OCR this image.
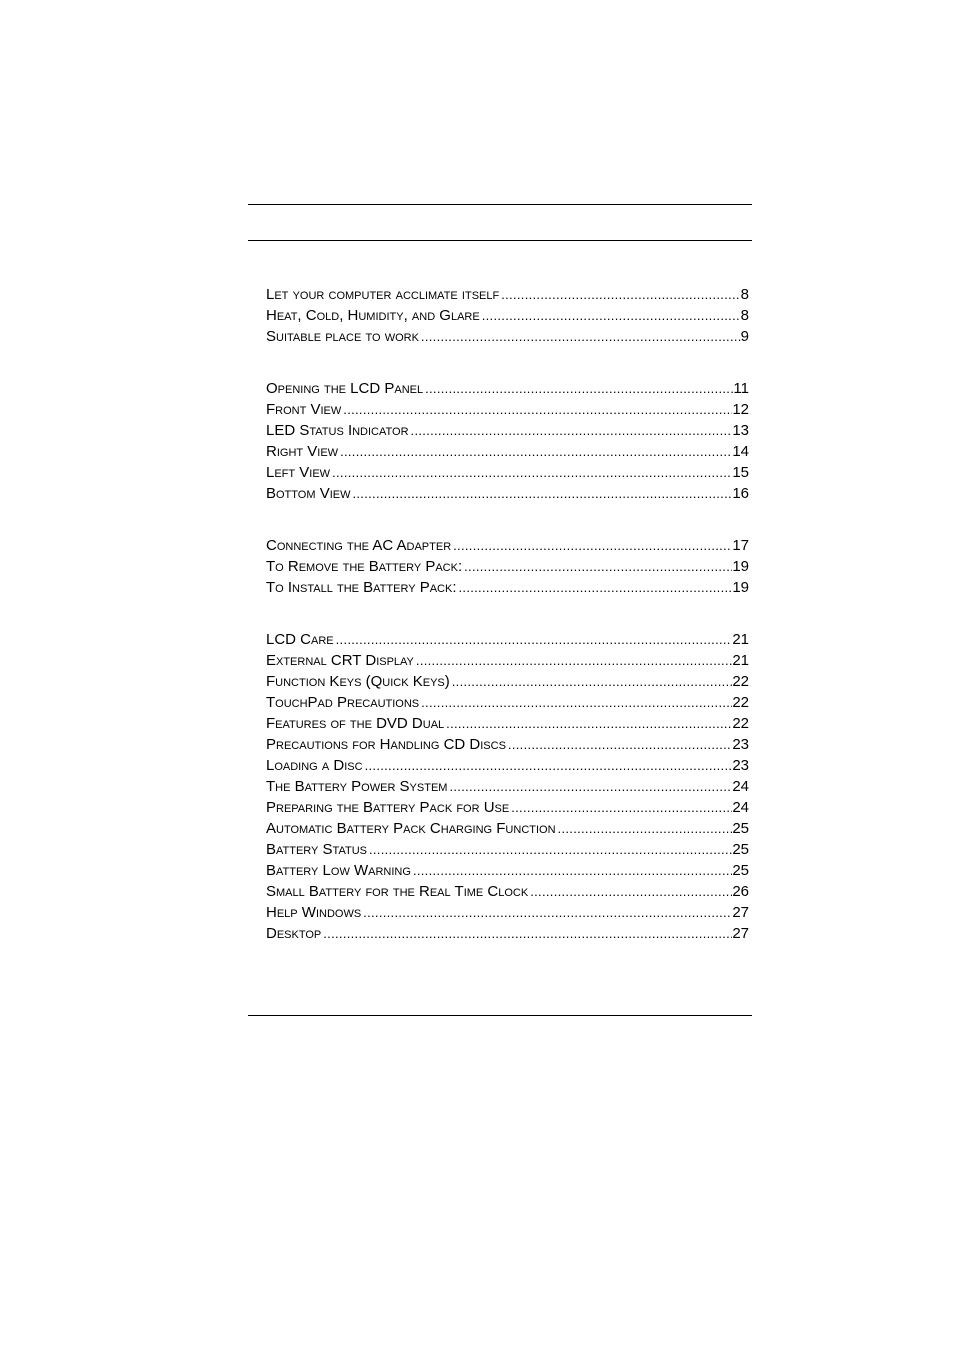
Let your computer acclimate itself .....	8
Heat, Cold, Humidity, and Glare .....	8
Suitable place to work .....	9
Opening the LCD Panel .....	11
Front View .....	12
LED Status Indicator .....	13
Right View .....	14
Left View .....	15
Bottom View .....	16
Connecting the AC Adapter .....	17
To Remove the Battery Pack: .....	19
To Install the Battery Pack: .....	19
LCD Care .....	21
External CRT Display .....	21
Function Keys (Quick Keys) .....	22
TouchPad Precautions .....	22
Features of the DVD Dual .....	22
Precautions for Handling CD Discs .....	23
Loading a Disc .....	23
The Battery Power System .....	24
Preparing the Battery Pack for Use .....	24
Automatic Battery Pack Charging Function .....	25
Battery Status .....	25
Battery Low Warning .....	25
Small Battery for the Real Time Clock .....	26
Help Windows .....	27
Desktop .....	27
